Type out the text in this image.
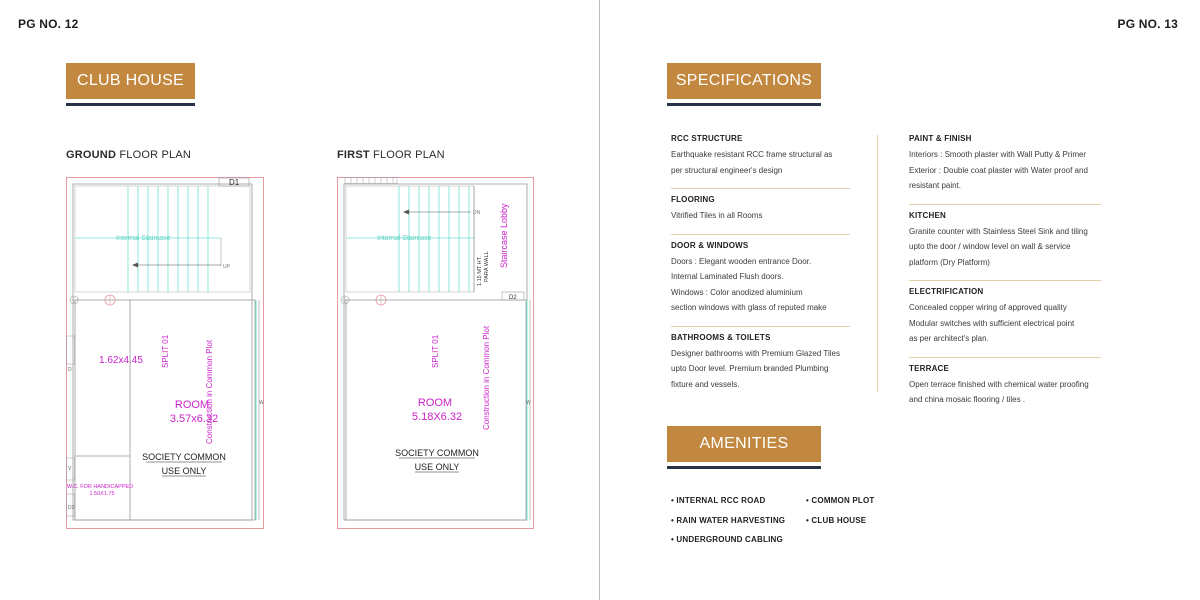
PG NO. 12
CLUB HOUSE
GROUND FLOOR PLAN	FIRST FLOOR PLAN
D1
Internal Staircase
UP
D
V
D2
W
1.62x4.45 SPLIT 01	Construction in Common Plot
ROOM
3.57x6.32
SOCIETY COMMON
USE ONLY
W.C. FOR HANDICAPPED
1.50X1.75
Internal Staircase
DN
1.15 MT HT. PARA WALL Staircase Lobby
D2
W
SPLIT 01	Construction in Common Plot
ROOM
5.18X6.32
SOCIETY COMMON
USE ONLY
PG NO. 13
SPECIFICATIONS
RCC STRUCTURE
Earthquake resistant RCC frame structural as
per structural engineer's design
FLOORING
Vitrified Tiles in all Rooms
DOOR & WINDOWS
Doors : Elegant wooden entrance Door.
Internal Laminated Flush doors.
Windows : Color anodized aluminium
section windows with glass of reputed make
BATHROOMS & TOILETS
Designer bathrooms with Premium Glazed Tiles
upto Door level. Premium branded Plumbing
fixture and vessels.
PAINT & FINISH
Interiors : Smooth plaster with Wall Putty & Primer
Exterior : Double coat plaster with Water proof and
resistant paint.
KITCHEN
Granite counter with Stainless Steel Sink and tiling
upto the door / window level on wall & service
platform (Dry Platform)
ELECTRIFICATION
Concealed copper wiring of approved quality
Modular switches with sufficient electrical point
as per architect's plan.
TERRACE
Open terrace finished with chemical water proofing
and china mosaic flooring / tiles .
AMENITIES
• INTERNAL RCC ROAD
• RAIN WATER HARVESTING
• UNDERGROUND CABLING
• COMMON PLOT
• CLUB HOUSE
